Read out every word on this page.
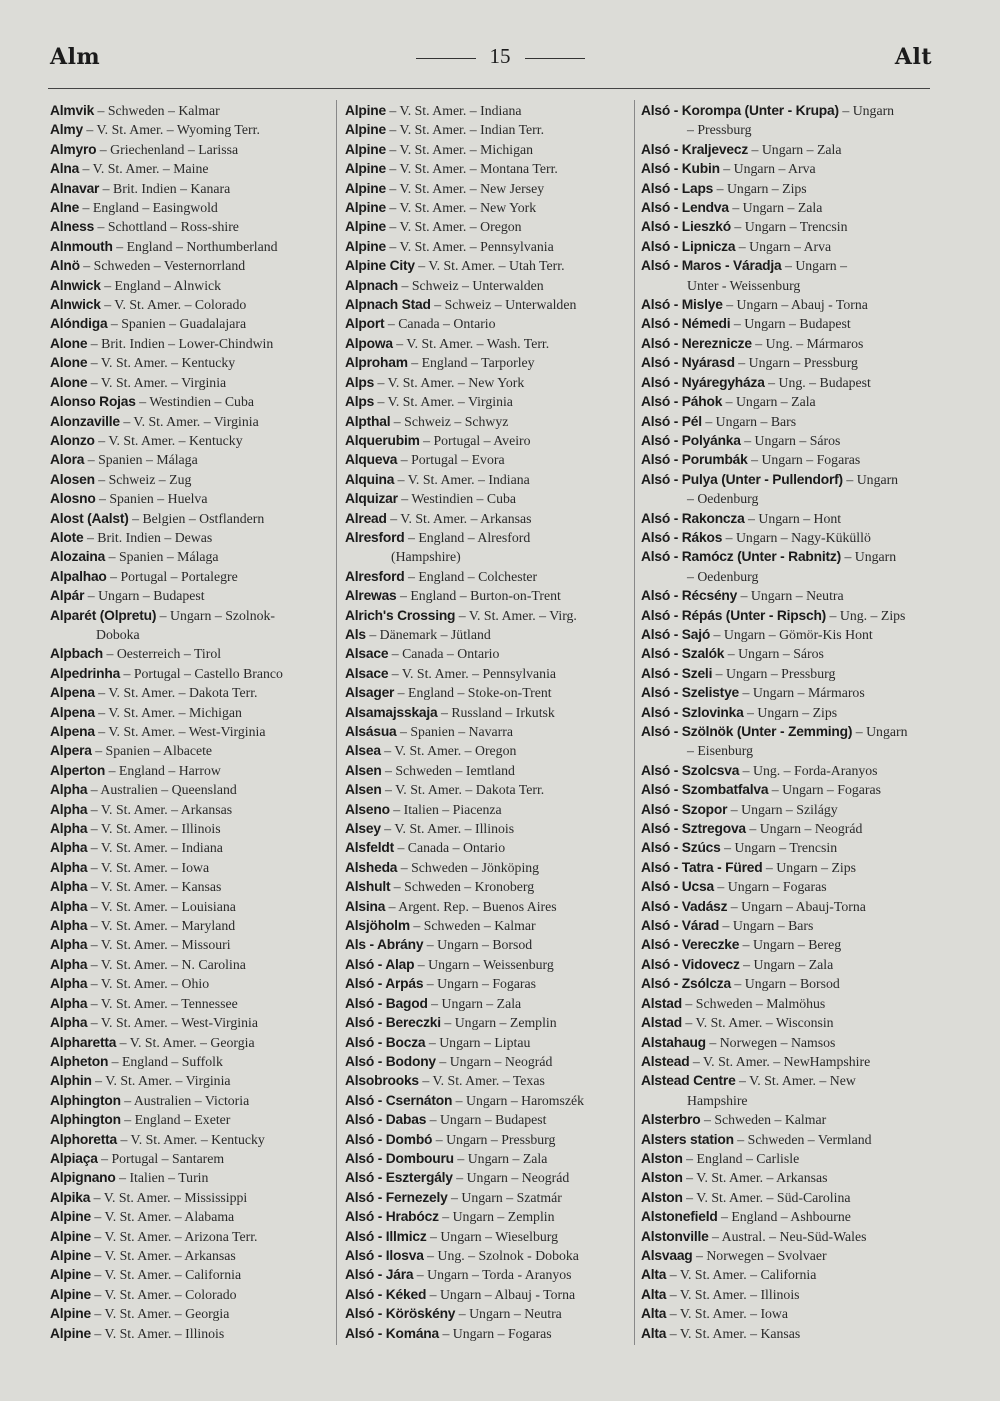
Alm	15	Alt
Almvik – Schweden – Kalmar
Almy – V. St. Amer. – Wyoming Terr.
Almyro – Griechenland – Larissa
Alna – V. St. Amer. – Maine
Alnavar – Brit. Indien – Kanara
Alne – England – Easingwold
Alness – Schottland – Ross-shire
Alnmouth – England – Northumberland
Alnö – Schweden – Vesternorrland
Alnwick – England – Alnwick
Alnwick – V. St. Amer. – Colorado
Alóndiga – Spanien – Guadalajara
Alone – Brit. Indien – Lower-Chindwin
Alone – V. St. Amer. – Kentucky
Alone – V. St. Amer. – Virginia
Alonso Rojas – Westindien – Cuba
Alonzaville – V. St. Amer. – Virginia
Alonzo – V. St. Amer. – Kentucky
Alora – Spanien – Málaga
Alosen – Schweiz – Zug
Alosno – Spanien – Huelva
Alost (Aalst) – Belgien – Ostflandern
Alote – Brit. Indien – Dewas
Alozaina – Spanien – Málaga
Alpalhao – Portugal – Portalegre
Alpár – Ungarn – Budapest
Alparét (Olpretu) – Ungarn – Szolnok-
Doboka
Alpbach – Oesterreich – Tirol
Alpedrinha – Portugal – Castello Branco
Alpena – V. St. Amer. – Dakota Terr.
Alpena – V. St. Amer. – Michigan
Alpena – V. St. Amer. – West-Virginia
Alpera – Spanien – Albacete
Alperton – England – Harrow
Alpha – Australien – Queensland
Alpha – V. St. Amer. – Arkansas
Alpha – V. St. Amer. – Illinois
Alpha – V. St. Amer. – Indiana
Alpha – V. St. Amer. – Iowa
Alpha – V. St. Amer. – Kansas
Alpha – V. St. Amer. – Louisiana
Alpha – V. St. Amer. – Maryland
Alpha – V. St. Amer. – Missouri
Alpha – V. St. Amer. – N. Carolina
Alpha – V. St. Amer. – Ohio
Alpha – V. St. Amer. – Tennessee
Alpha – V. St. Amer. – West-Virginia
Alpharetta – V. St. Amer. – Georgia
Alpheton – England – Suffolk
Alphin – V. St. Amer. – Virginia
Alphington – Australien – Victoria
Alphington – England – Exeter
Alphoretta – V. St. Amer. – Kentucky
Alpiaça – Portugal – Santarem
Alpignano – Italien – Turin
Alpika – V. St. Amer. – Mississippi
Alpine – V. St. Amer. – Alabama
Alpine – V. St. Amer. – Arizona Terr.
Alpine – V. St. Amer. – Arkansas
Alpine – V. St. Amer. – California
Alpine – V. St. Amer. – Colorado
Alpine – V. St. Amer. – Georgia
Alpine – V. St. Amer. – Illinois
Alpine – V. St. Amer. – Indiana
Alpine – V. St. Amer. – Indian Terr.
Alpine – V. St. Amer. – Michigan
Alpine – V. St. Amer. – Montana Terr.
Alpine – V. St. Amer. – New Jersey
Alpine – V. St. Amer. – New York
Alpine – V. St. Amer. – Oregon
Alpine – V. St. Amer. – Pennsylvania
Alpine City – V. St. Amer. – Utah Terr.
Alpnach – Schweiz – Unterwalden
Alpnach Stad – Schweiz – Unterwalden
Alport – Canada – Ontario
Alpowa – V. St. Amer. – Wash. Terr.
Alproham – England – Tarporley
Alps – V. St. Amer. – New York
Alps – V. St. Amer. – Virginia
Alpthal – Schweiz – Schwyz
Alquerubim – Portugal – Aveiro
Alqueva – Portugal – Evora
Alquina – V. St. Amer. – Indiana
Alquizar – Westindien – Cuba
Alread – V. St. Amer. – Arkansas
Alresford – England – Alresford
(Hampshire)
Alresford – England – Colchester
Alrewas – England – Burton-on-Trent
Alrich's Crossing – V. St. Amer. – Virg.
Als – Dänemark – Jütland
Alsace – Canada – Ontario
Alsace – V. St. Amer. – Pennsylvania
Alsager – England – Stoke-on-Trent
Alsamajsskaja – Russland – Irkutsk
Alsásua – Spanien – Navarra
Alsea – V. St. Amer. – Oregon
Alsen – Schweden – Iemtland
Alsen – V. St. Amer. – Dakota Terr.
Alseno – Italien – Piacenza
Alsey – V. St. Amer. – Illinois
Alsfeldt – Canada – Ontario
Alsheda – Schweden – Jönköping
Alshult – Schweden – Kronoberg
Alsina – Argent. Rep. – Buenos Aires
Alsjöholm – Schweden – Kalmar
Als - Abrány – Ungarn – Borsod
Alsó - Alap – Ungarn – Weissenburg
Alsó - Arpás – Ungarn – Fogaras
Alsó - Bagod – Ungarn – Zala
Alsó - Bereczki – Ungarn – Zemplin
Alsó - Bocza – Ungarn – Liptau
Alsó - Bodony – Ungarn – Neográd
Alsobrooks – V. St. Amer. – Texas
Alsó - Csernáton – Ungarn – Haromszék
Alsó - Dabas – Ungarn – Budapest
Alsó - Dombó – Ungarn – Pressburg
Alsó - Dombouru – Ungarn – Zala
Alsó - Esztergály – Ungarn – Neográd
Alsó - Fernezely – Ungarn – Szatmár
Alsó - Hrabócz – Ungarn – Zemplin
Alsó - Illmicz – Ungarn – Wieselburg
Alsó - Ilosva – Ung. – Szolnok - Doboka
Alsó - Jára – Ungarn – Torda - Aranyos
Alsó - Kéked – Ungarn – Albauj - Torna
Alsó - Köröskény – Ungarn – Neutra
Alsó - Komána – Ungarn – Fogaras
Alsó - Korompa (Unter - Krupa) – Ungarn
– Pressburg
Alsó - Kraljevecz – Ungarn – Zala
Alsó - Kubin – Ungarn – Arva
Alsó - Laps – Ungarn – Zips
Alsó - Lendva – Ungarn – Zala
Alsó - Lieszkó – Ungarn – Trencsin
Alsó - Lipnicza – Ungarn – Arva
Alsó - Maros - Váradja – Ungarn –
Unter - Weissenburg
Alsó - Mislye – Ungarn – Abauj - Torna
Alsó - Némedi – Ungarn – Budapest
Alsó - Nereznicze – Ung. – Mármaros
Alsó - Nyárasd – Ungarn – Pressburg
Alsó - Nyáregyháza – Ung. – Budapest
Alsó - Páhok – Ungarn – Zala
Alsó - Pél – Ungarn – Bars
Alsó - Polyánka – Ungarn – Sáros
Alsó - Porumbák – Ungarn – Fogaras
Alsó - Pulya (Unter - Pullendorf) – Ungarn
– Oedenburg
Alsó - Rakoncza – Ungarn – Hont
Alsó - Rákos – Ungarn – Nagy-Küküllö
Alsó - Ramócz (Unter - Rabnitz) – Ungarn
– Oedenburg
Alsó - Récsény – Ungarn – Neutra
Alsó - Répás (Unter - Ripsch) – Ung. – Zips
Alsó - Sajó – Ungarn – Gömör-Kis Hont
Alsó - Szalók – Ungarn – Sáros
Alsó - Szeli – Ungarn – Pressburg
Alsó - Szelistye – Ungarn – Mármaros
Alsó - Szlovinka – Ungarn – Zips
Alsó - Szölnök (Unter - Zemming) – Ungarn
– Eisenburg
Alsó - Szolcsva – Ung. – Forda-Aranyos
Alsó - Szombatfalva – Ungarn – Fogaras
Alsó - Szopor – Ungarn – Szilágy
Alsó - Sztregova – Ungarn – Neográd
Alsó - Szúcs – Ungarn – Trencsin
Alsó - Tatra - Füred – Ungarn – Zips
Alsó - Ucsa – Ungarn – Fogaras
Alsó - Vadász – Ungarn – Abauj-Torna
Alsó - Várad – Ungarn – Bars
Alsó - Vereczke – Ungarn – Bereg
Alsó - Vidovecz – Ungarn – Zala
Alsó - Zsólcza – Ungarn – Borsod
Alstad – Schweden – Malmöhus
Alstad – V. St. Amer. – Wisconsin
Alstahaug – Norwegen – Namsos
Alstead – V. St. Amer. – NewHampshire
Alstead Centre – V. St. Amer. – New
Hampshire
Alsterbro – Schweden – Kalmar
Alsters station – Schweden – Vermland
Alston – England – Carlisle
Alston – V. St. Amer. – Arkansas
Alston – V. St. Amer. – Süd-Carolina
Alstonefield – England – Ashbourne
Alstonville – Austral. – Neu-Süd-Wales
Alsvaag – Norwegen – Svolvaer
Alta – V. St. Amer. – California
Alta – V. St. Amer. – Illinois
Alta – V. St. Amer. – Iowa
Alta – V. St. Amer. – Kansas
